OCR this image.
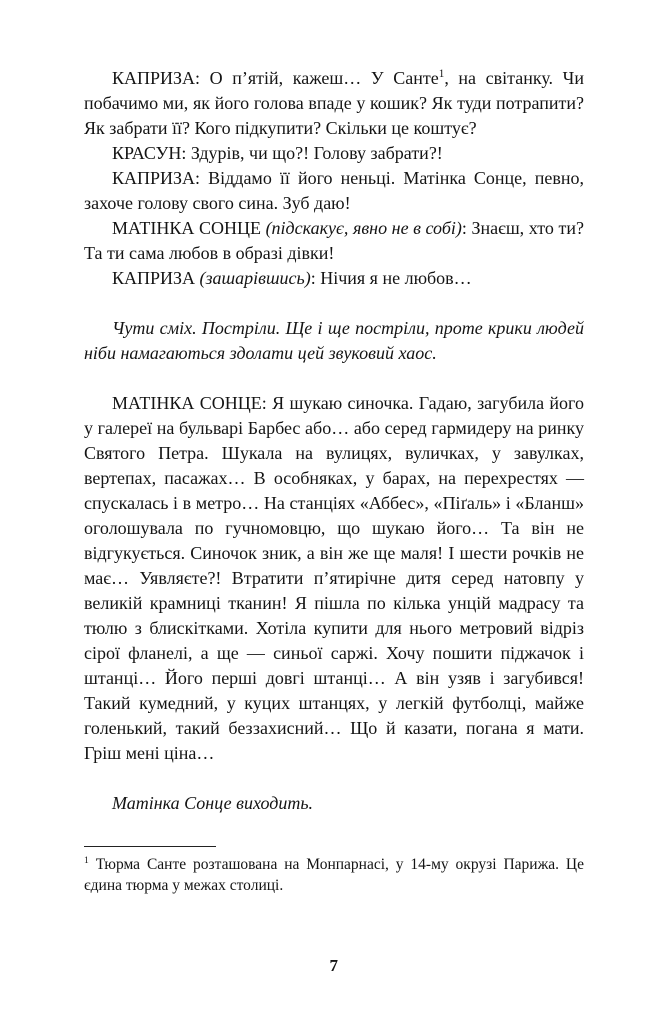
КАПРИЗА: О п’ятій, кажеш… У Санте$^1$, на світанку. Чи побачимо ми, як його голова впаде у кошик? Як туди потрапити? Як забрати її? Кого підкупити? Скільки це коштує?

КРАСУН: Здурів, чи що?! Голову забрати?!

КАПРИЗА: Віддамо її його неньці. Матінка Сонце, певно, захоче голову свого сина. Зуб даю!

МАТІНКА СОНЦЕ (підскакує, явно не в собі): Знаєш, хто ти? Та ти сама любов в образі дівки!

КАПРИЗА (зашарівшись): Нічия я не любов…

Чути сміх. Постріли. Ще і ще постріли, проте крики людей ніби намагаються здолати цей звуковий хаос.

МАТІНКА СОНЦЕ: Я шукаю синочка. Гадаю, загубила його у галереї на бульварі Барбес або… або серед гармидеру на ринку Святого Петра. Шукала на вулицях, вуличках, у завулках, вертепах, пасажах… В особняках, у барах, на перехрестях — спускалась і в метро… На станціях «Аббес», «Піґаль» і «Бланш» оголошувала по гучномовцю, що шукаю його… Та він не відгукується. Синочок зник, а він же ще маля! І шести рочків не має… Уявляєте?! Втратити п’ятирічне дитя серед натовпу у великій крамниці тканин! Я пішла по кілька унцій мадрасу та тюлю з блискітками. Хотіла купити для нього метровий відріз сірої фланелі, а ще — синьої саржі. Хочу пошити піджачок і штанці… Його перші довгі штанці… А він узяв і загубився! Такий кумедний, у куцих штанцях, у легкій футболці, майже голенький, такий беззахисний… Що й казати, погана я мати. Гріш мені ціна…

Матінка Сонце виходить.

$^1$ Тюрма Санте розташована на Монпарнасі, у 14-му окрузі Парижа. Це єдина тюрма у межах столиці.

7
